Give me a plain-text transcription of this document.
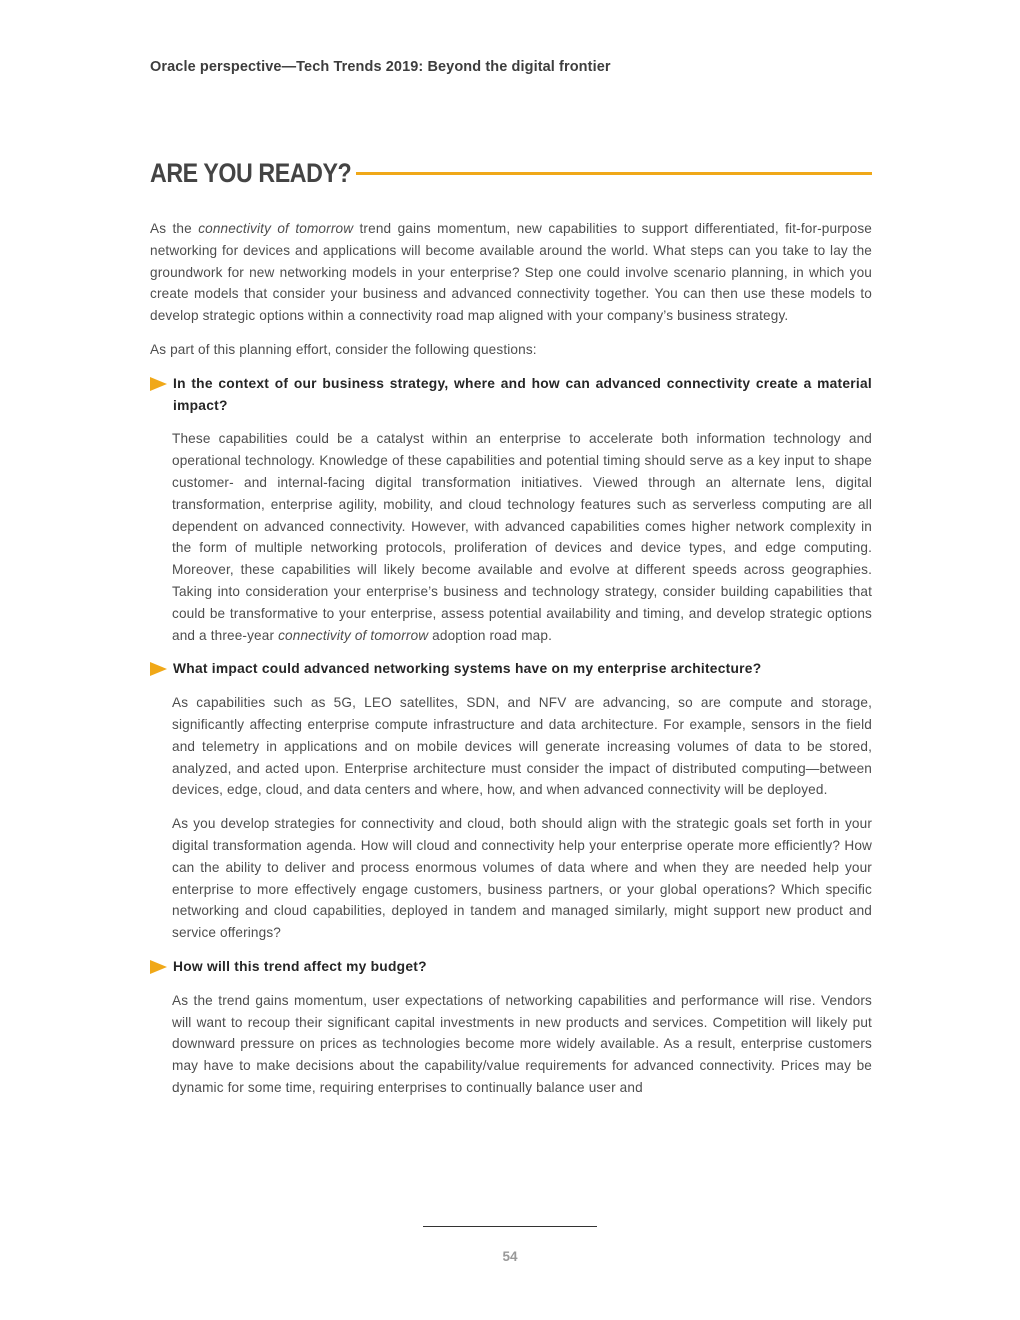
Oracle perspective—Tech Trends 2019: Beyond the digital frontier
ARE YOU READY?

As the connectivity of tomorrow trend gains momentum, new capabilities to support differentiated, fit-for-purpose networking for devices and applications will become available around the world. What steps can you take to lay the groundwork for new networking models in your enterprise? Step one could involve scenario planning, in which you create models that consider your business and advanced connectivity together. You can then use these models to develop strategic options within a connectivity road map aligned with your company’s business strategy.

As part of this planning effort, consider the following questions:

In the context of our business strategy, where and how can advanced connectivity create a material impact?

These capabilities could be a catalyst within an enterprise to accelerate both information technology and operational technology. Knowledge of these capabilities and potential timing should serve as a key input to shape customer- and internal-facing digital transformation initiatives. Viewed through an alternate lens, digital transformation, enterprise agility, mobility, and cloud technology features such as serverless computing are all dependent on advanced connectivity. However, with advanced capabilities comes higher network complexity in the form of multiple networking protocols, proliferation of devices and device types, and edge computing. Moreover, these capabilities will likely become available and evolve at different speeds across geographies. Taking into consideration your enterprise’s business and technology strategy, consider building capabilities that could be transformative to your enterprise, assess potential availability and timing, and develop strategic options and a three-year connectivity of tomorrow adoption road map.

What impact could advanced networking systems have on my enterprise architecture?

As capabilities such as 5G, LEO satellites, SDN, and NFV are advancing, so are compute and storage, significantly affecting enterprise compute infrastructure and data architecture. For example, sensors in the field and telemetry in applications and on mobile devices will generate increasing volumes of data to be stored, analyzed, and acted upon. Enterprise architecture must consider the impact of distributed computing—between devices, edge, cloud, and data centers and where, how, and when advanced connectivity will be deployed.

As you develop strategies for connectivity and cloud, both should align with the strategic goals set forth in your digital transformation agenda. How will cloud and connectivity help your enterprise operate more efficiently? How can the ability to deliver and process enormous volumes of data where and when they are needed help your enterprise to more effectively engage customers, business partners, or your global operations? Which specific networking and cloud capabilities, deployed in tandem and managed similarly, might support new product and service offerings?

How will this trend affect my budget?

As the trend gains momentum, user expectations of networking capabilities and performance will rise. Vendors will want to recoup their significant capital investments in new products and services. Competition will likely put downward pressure on prices as technologies become more widely available. As a result, enterprise customers may have to make decisions about the capability/value requirements for advanced connectivity. Prices may be dynamic for some time, requiring enterprises to continually balance user and

54
